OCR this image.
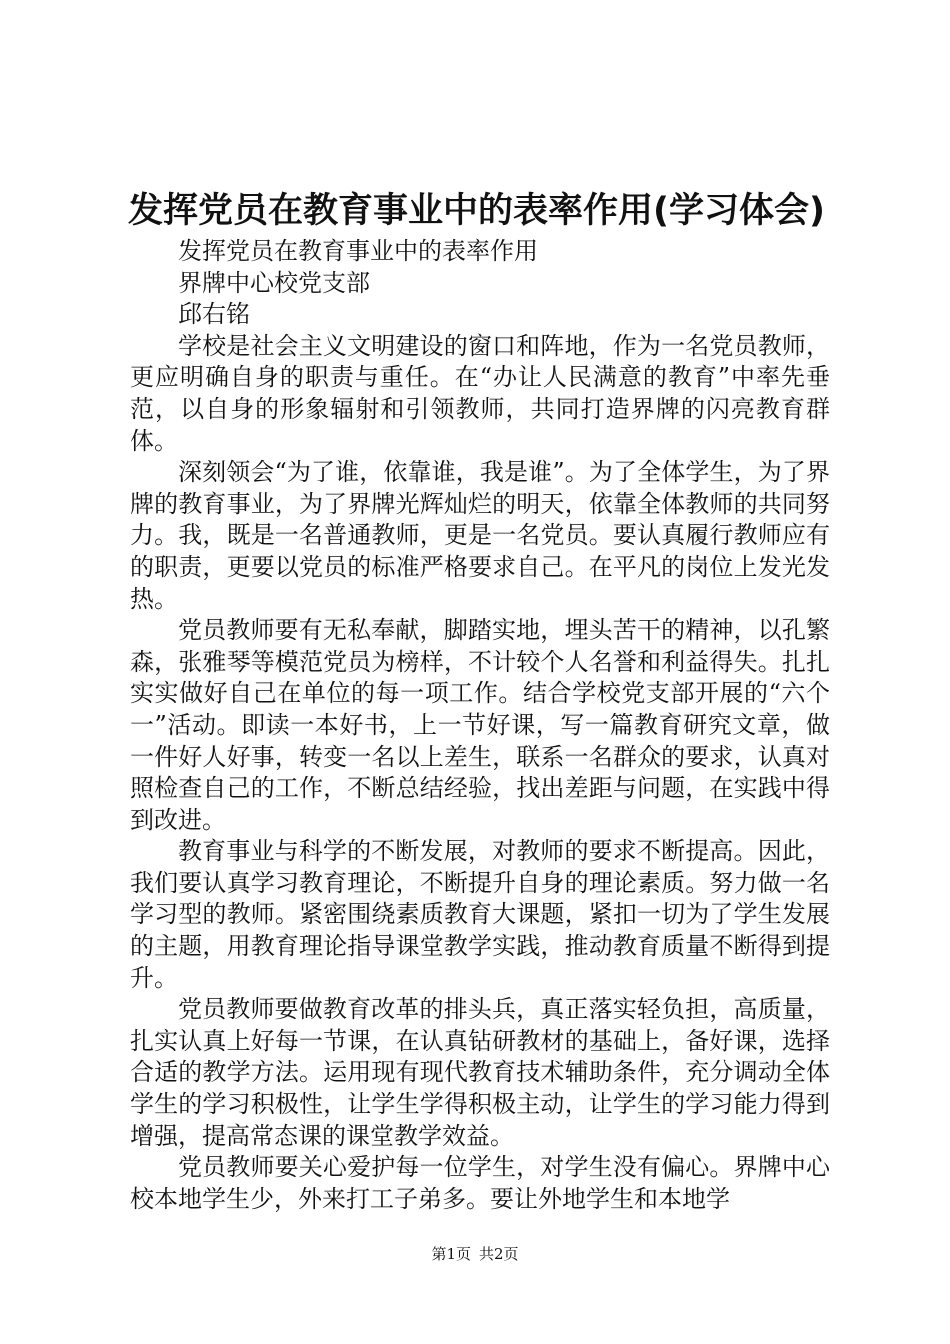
发挥党员在教育事业中的表率作用(学习体会)

发挥党员在教育事业中的表率作用

界牌中心校党支部

邱右铭

学校是社会主义文明建设的窗口和阵地，作为一名党员教师，更应明确自身的职责与重任。在“办让人民满意的教育”中率先垂范，以自身的形象辐射和引领教师，共同打造界牌的闪亮教育群体。

深刻领会“为了谁，依靠谁，我是谁”。为了全体学生，为了界牌的教育事业，为了界牌光辉灿烂的明天，依靠全体教师的共同努力。我，既是一名普通教师，更是一名党员。要认真履行教师应有的职责，更要以党员的标准严格要求自己。在平凡的岗位上发光发热。

党员教师要有无私奉献，脚踏实地，埋头苦干的精神，以孔繁森，张雅琴等模范党员为榜样，不计较个人名誉和利益得失。扎扎实实做好自己在单位的每一项工作。结合学校党支部开展的“六个一”活动。即读一本好书，上一节好课，写一篇教育研究文章，做一件好人好事，转变一名以上差生，联系一名群众的要求，认真对照检查自己的工作，不断总结经验，找出差距与问题，在实践中得到改进。

教育事业与科学的不断发展，对教师的要求不断提高。因此，我们要认真学习教育理论，不断提升自身的理论素质。努力做一名学习型的教师。紧密围绕素质教育大课题，紧扣一切为了学生发展的主题，用教育理论指导课堂教学实践，推动教育质量不断得到提升。

党员教师要做教育改革的排头兵，真正落实轻负担，高质量，扎实认真上好每一节课，在认真钻研教材的基础上，备好课，选择合适的教学方法。运用现有现代教育技术辅助条件，充分调动全体学生的学习积极性，让学生学得积极主动，让学生的学习能力得到增强，提高常态课的课堂教学效益。

党员教师要关心爱护每一位学生，对学生没有偏心。界牌中心校本地学生少，外来打工子弟多。要让外地学生和本地学

第1页 共2页
